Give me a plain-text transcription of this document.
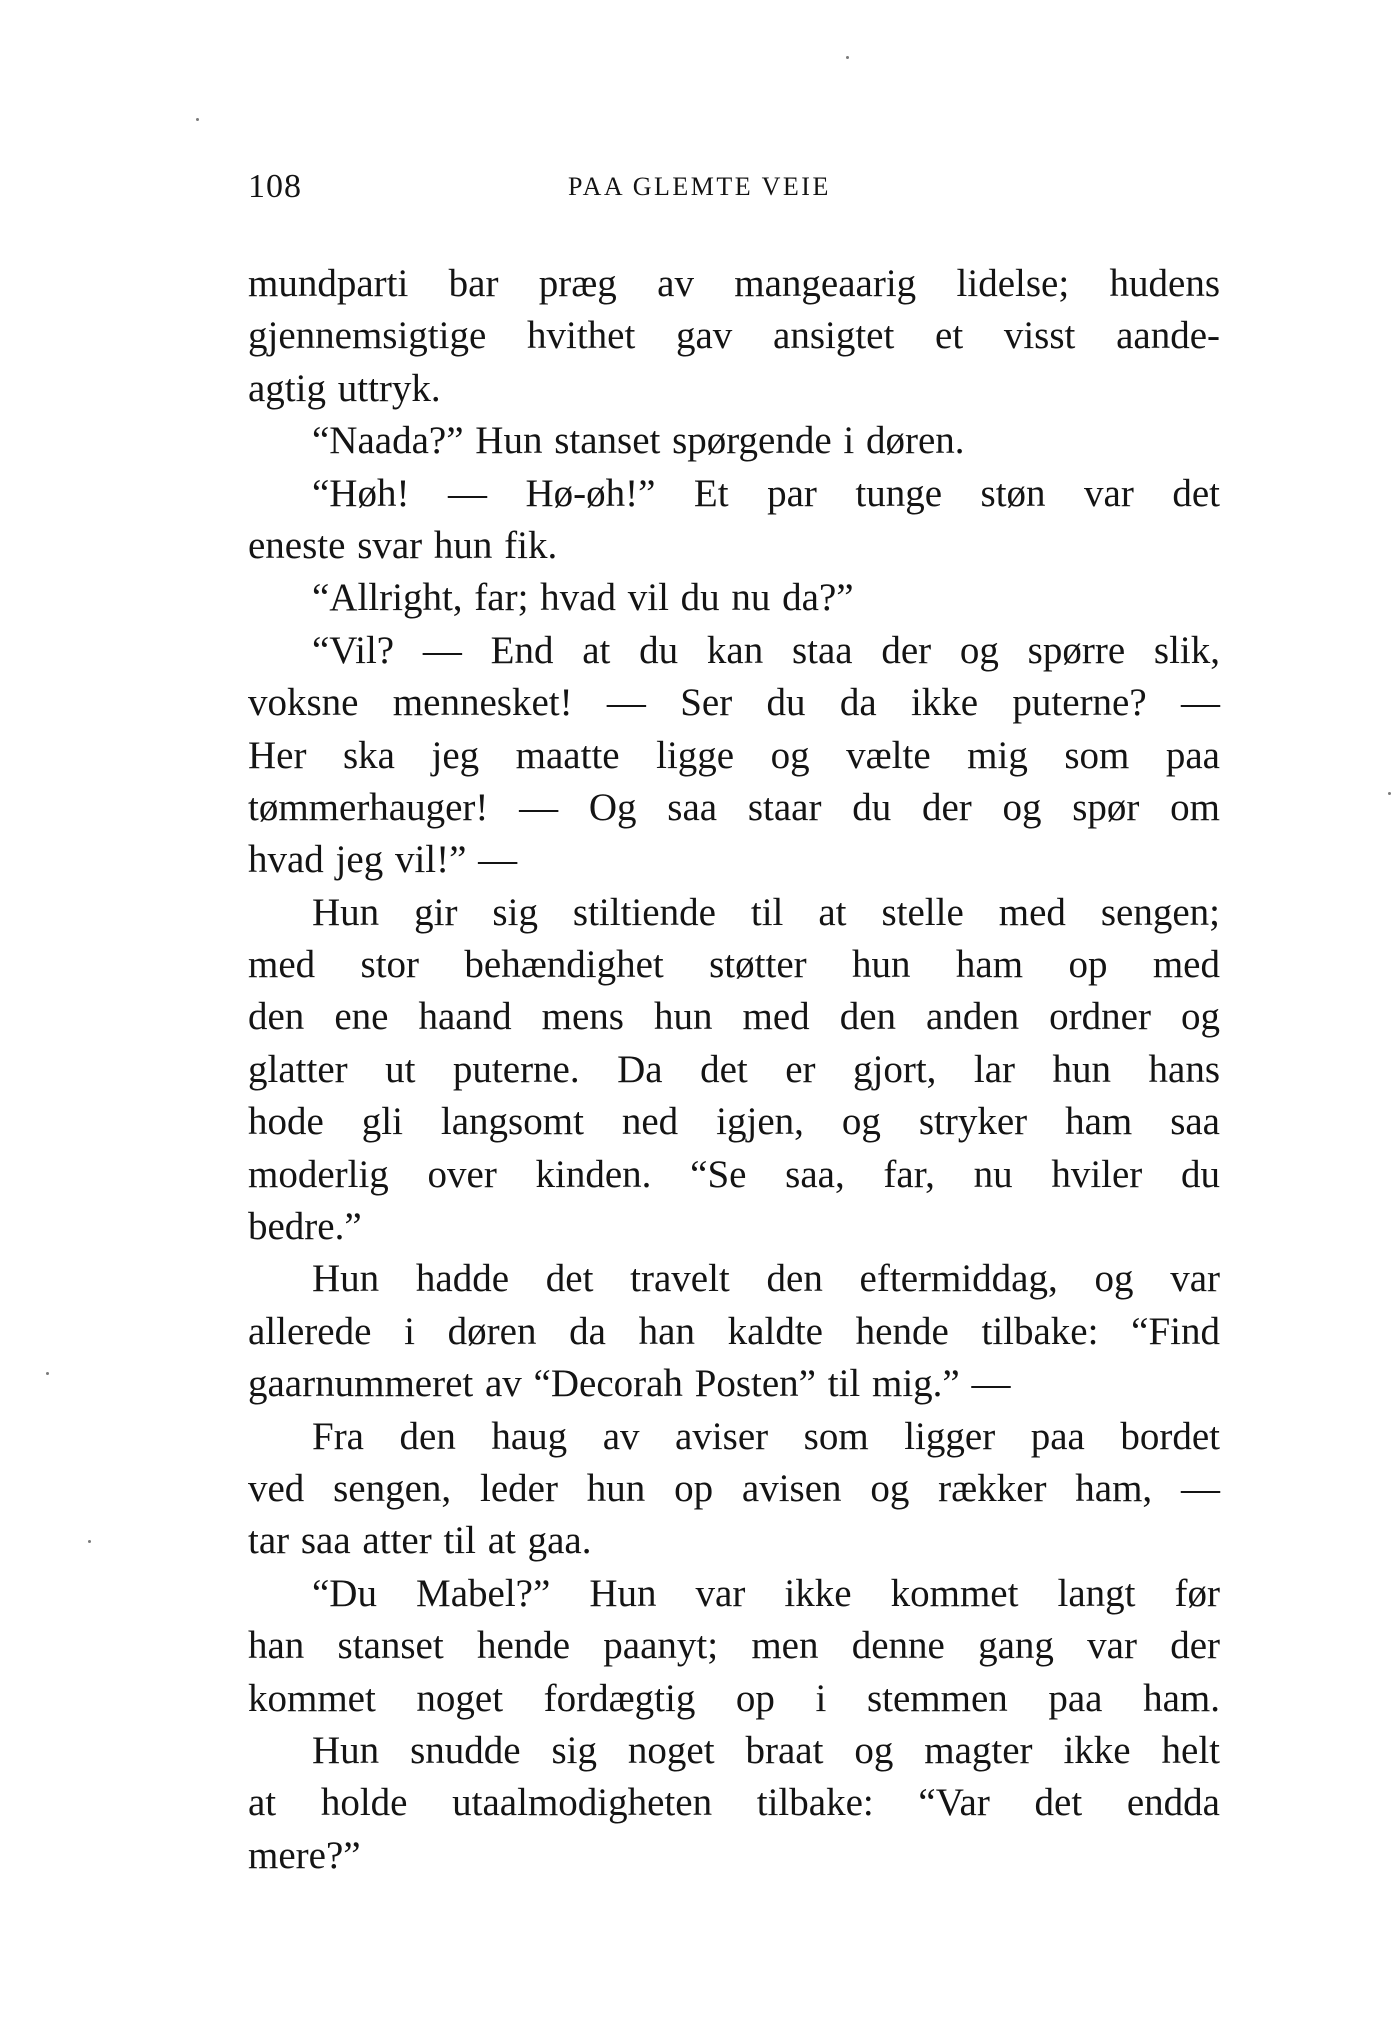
108	PAA GLEMTE VEIE
mundparti bar præg av mangeaarig lidelse; hudens
gjennemsigtige hvithet gav ansigtet et visst aande-
agtig uttryk.
“Naada?” Hun stanset spørgende i døren.
“Høh! — Hø-øh!” Et par tunge støn var det
eneste svar hun fik.
“Allright, far; hvad vil du nu da?”
“Vil? — End at du kan staa der og spørre slik,
voksne mennesket! — Ser du da ikke puterne? —
Her ska jeg maatte ligge og vælte mig som paa
tømmerhauger! — Og saa staar du der og spør om
hvad jeg vil!” —
Hun gir sig stiltiende til at stelle med sengen;
med stor behændighet støtter hun ham op med
den ene haand mens hun med den anden ordner og
glatter ut puterne. Da det er gjort, lar hun hans
hode gli langsomt ned igjen, og stryker ham saa
moderlig over kinden. “Se saa, far, nu hviler du
bedre.”
Hun hadde det travelt den eftermiddag, og var
allerede i døren da han kaldte hende tilbake: “Find
gaarnummeret av “Decorah Posten” til mig.” —
Fra den haug av aviser som ligger paa bordet
ved sengen, leder hun op avisen og rækker ham, —
tar saa atter til at gaa.
“Du Mabel?” Hun var ikke kommet langt før
han stanset hende paanyt; men denne gang var der
kommet noget fordægtig op i stemmen paa ham.
Hun snudde sig noget braat og magter ikke helt
at holde utaalmodigheten tilbake: “Var det endda
mere?”
